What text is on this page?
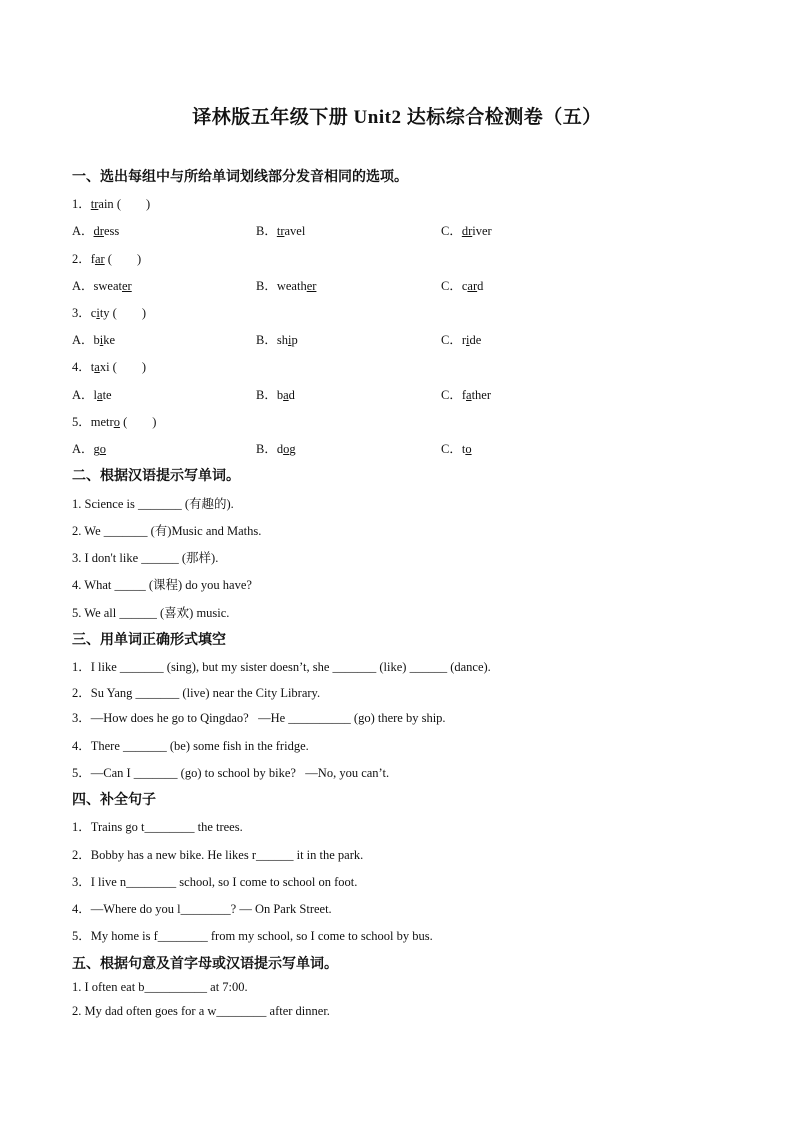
译林版五年级下册 Unit2 达标综合检测卷（五）
一、选出每组中与所给单词划线部分发音相同的选项。
1．train (        )
A．dress	B．travel	C．driver
2．far (        )
A．sweater	B．weather	C．card
3．city (        )
A．bike	B．ship	C．ride
4．taxi (        )
A．late	B．bad	C．father
5．metro (        )
A．go	B．dog	C．to
二、根据汉语提示写单词。
1. Science is _______ (有趣的).
2. We _______ (有)Music and Maths.
3. I don't like ______ (那样).
4. What _____ (课程) do you have?
5. We all ______ (喜欢) music.
三、用单词正确形式填空
1．I like _______ (sing), but my sister doesn’t, she _______ (like) ______ (dance).
2．Su Yang _______ (live) near the City Library.
3．—How does he go to Qingdao?   —He __________ (go) there by ship.
4．There _______ (be) some fish in the fridge.
5．—Can I _______ (go) to school by bike?   —No, you can’t.
四、补全句子
1．Trains go t________ the trees.
2．Bobby has a new bike. He likes r______ it in the park.
3．I live n________ school, so I come to school on foot.
4．—Where do you l________? — On Park Street.
5．My home is f________ from my school, so I come to school by bus.
五、根据句意及首字母或汉语提示写单词。
1. I often eat b__________ at 7:00.
2. My dad often goes for a w________ after dinner.
